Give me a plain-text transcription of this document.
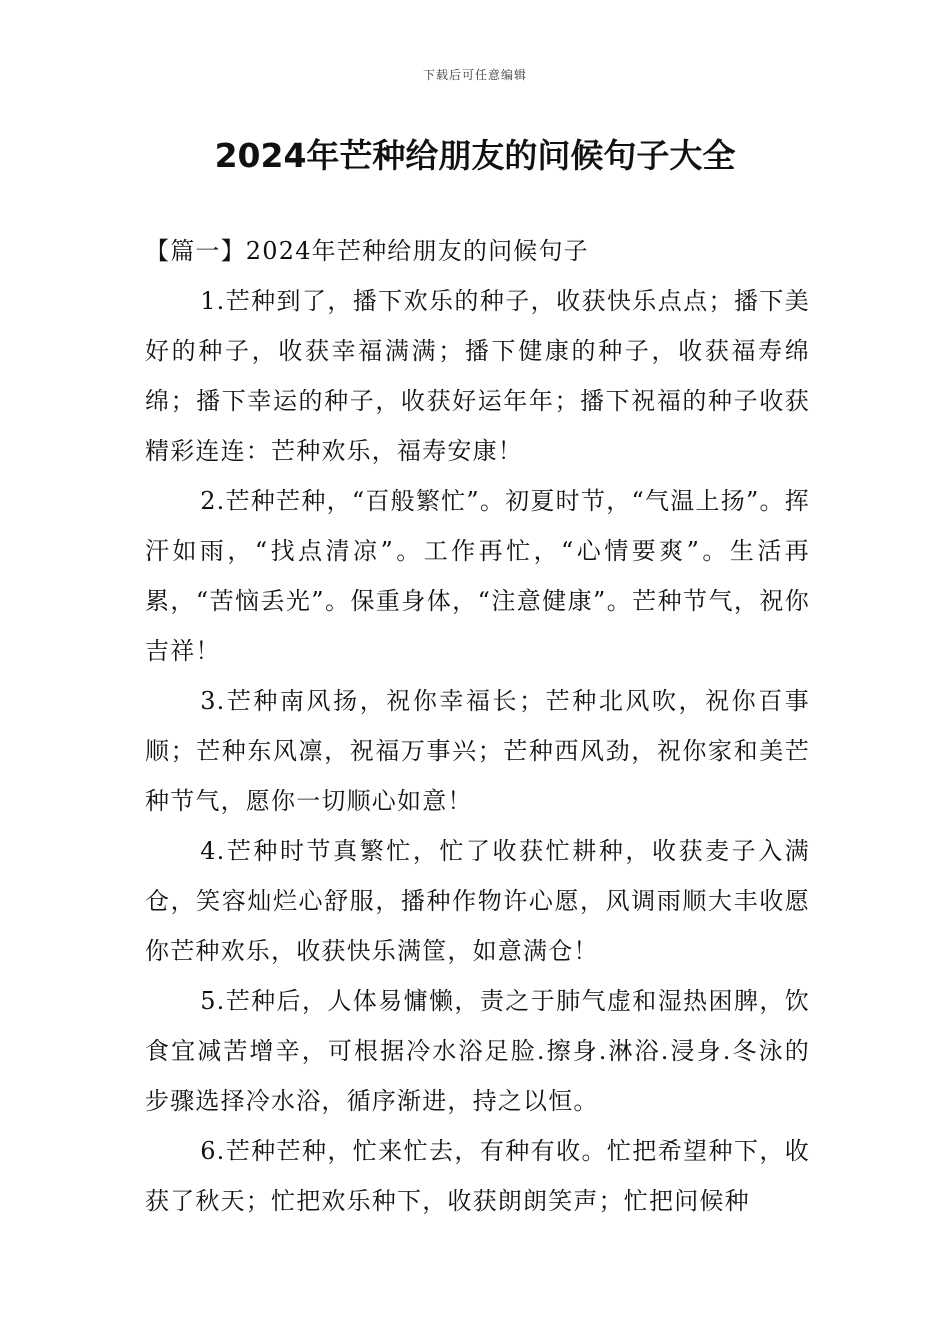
下载后可任意编辑
2024年芒种给朋友的问候句子大全

【篇一】2024年芒种给朋友的问候句子

1.芒种到了，播下欢乐的种子，收获快乐点点；播下美好的种子，收获幸福满满；播下健康的种子，收获福寿绵绵；播下幸运的种子，收获好运年年；播下祝福的种子收获精彩连连：芒种欢乐，福寿安康！

2.芒种芒种，“百般繁忙”。初夏时节，“气温上扬”。挥汗如雨，“找点清凉”。工作再忙，“心情要爽”。生活再累，“苦恼丢光”。保重身体，“注意健康”。芒种节气，祝你吉祥！

3.芒种南风扬，祝你幸福长；芒种北风吹，祝你百事顺；芒种东风凛，祝福万事兴；芒种西风劲，祝你家和美芒种节气，愿你一切顺心如意！

4.芒种时节真繁忙，忙了收获忙耕种，收获麦子入满仓，笑容灿烂心舒服，播种作物许心愿，风调雨顺大丰收愿你芒种欢乐，收获快乐满筐，如意满仓！

5.芒种后，人体易慵懒，责之于肺气虚和湿热困脾，饮食宜减苦增辛，可根据冷水浴足脸.擦身.淋浴.浸身.冬泳的步骤选择冷水浴，循序渐进，持之以恒。

6.芒种芒种，忙来忙去，有种有收。忙把希望种下，收获了秋天；忙把欢乐种下，收获朗朗笑声；忙把问候种
